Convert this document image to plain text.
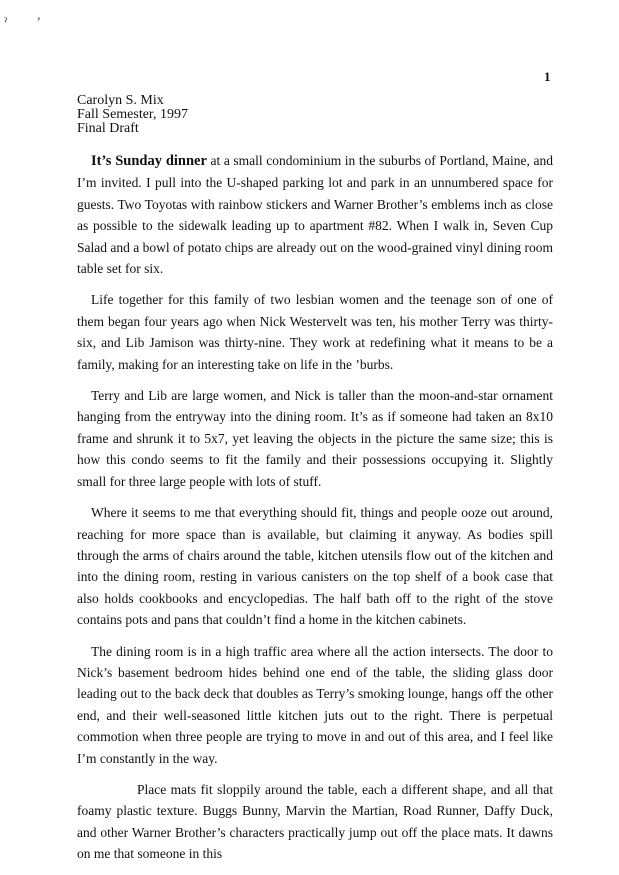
ˀ ’
1
Carolyn S. Mix
Fall Semester, 1997
Final Draft

It’s Sunday dinner at a small condominium in the suburbs of Portland, Maine, and I’m invited. I pull into the U-shaped parking lot and park in an unnumbered space for guests. Two Toyotas with rainbow stickers and Warner Brother’s emblems inch as close as possible to the sidewalk leading up to apartment #82. When I walk in, Seven Cup Salad and a bowl of potato chips are already out on the wood-grained vinyl dining room table set for six.

Life together for this family of two lesbian women and the teenage son of one of them began four years ago when Nick Westervelt was ten, his mother Terry was thirty-six, and Lib Jamison was thirty-nine. They work at redefining what it means to be a family, making for an interesting take on life in the ’burbs.

Terry and Lib are large women, and Nick is taller than the moon-and-star ornament hanging from the entryway into the dining room. It’s as if someone had taken an 8x10 frame and shrunk it to 5x7, yet leaving the objects in the picture the same size; this is how this condo seems to fit the family and their possessions occupying it. Slightly small for three large people with lots of stuff.

Where it seems to me that everything should fit, things and people ooze out around, reaching for more space than is available, but claiming it anyway. As bodies spill through the arms of chairs around the table, kitchen utensils flow out of the kitchen and into the dining room, resting in various canisters on the top shelf of a book case that also holds cookbooks and encyclopedias. The half bath off to the right of the stove contains pots and pans that couldn’t find a home in the kitchen cabinets.

The dining room is in a high traffic area where all the action intersects. The door to Nick’s basement bedroom hides behind one end of the table, the sliding glass door leading out to the back deck that doubles as Terry’s smoking lounge, hangs off the other end, and their well-seasoned little kitchen juts out to the right. There is perpetual commotion when three people are trying to move in and out of this area, and I feel like I’m constantly in the way.

Place mats fit sloppily around the table, each a different shape, and all that foamy plastic texture. Buggs Bunny, Marvin the Martian, Road Runner, Daffy Duck, and other Warner Brother’s characters practically jump out off the place mats. It dawns on me that someone in this
